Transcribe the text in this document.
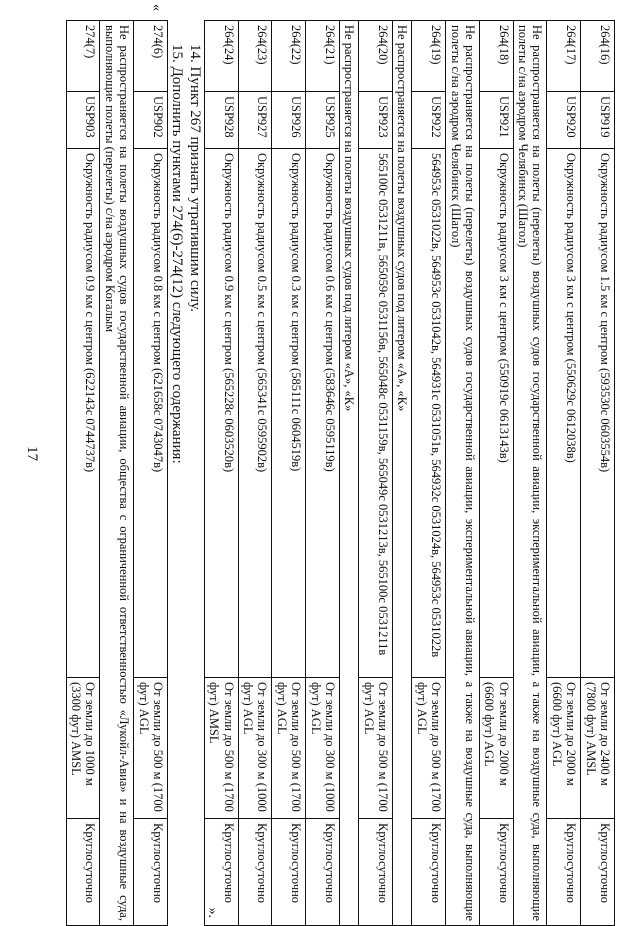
17
264(16)	USP919	Окружность радиусом 1.5 км с центром (593530с 0603554в)	От земли до 2400 м (7800 фут) AMSL	Круглосуточно
264(17)	USP920	Окружность радиусом 3 км с центром (550629с 0612038в)	От земли до 2000 м (6600 фут) AGL	Круглосуточно
Не распространяется на полеты (перелеты) воздушных судов государственной авиации, экспериментальной авиации, а также на воздушные суда, выполняющие полеты с/на аэродром Челябинск (Шагол)				
264(18)	USP921	Окружность радиусом 3 км с центром (550919с 0613143в)	От земли до 2000 м (6600 фут) AGL	Круглосуточно
Не распространяется на полеты (перелеты) воздушных судов государственной авиации, экспериментальной авиации, а также на воздушные суда, выполняющие полеты с/на аэродром Челябинск (Шагол)				
264(19)	USP922	564953с 0531022в, 564953с 0531042в, 564931с 0531051в, 564932с 0531024в, 564953с 0531022в	От земли до 500 м (1700 фут) AGL	Круглосуточно
Не распространяется на полеты воздушных судов под литером «А», «К»				
264(20)	USP923	565100с 0531211в, 565059с 0531156в, 565048с 0531159в, 565049с 0531213в, 565100с 0531211в	От земли до 500 м (1700 фут) AGL	Круглосуточно
Не распространяется на полеты воздушных судов под литером «А», «К»				
264(21)	USP925	Окружность радиусом 0.6 км с центром (583646с 0595119в)	От земли до 300 м (1000 фут) AGL	Круглосуточно
264(22)	USP926	Окружность радиусом 0.3 км с центром (585111с 0604519в)	От земли до 500 м (1700 фут) AGL	Круглосуточно
264(23)	USP927	Окружность радиусом 0.5 км с центром (565341с 0595902в)	От земли до 300 м (1000 фут) AGL	Круглосуточно
264(24)	USP928	Окружность радиусом 0.9 км с центром (565228с 0603520в)	От земли до 500 м (1700 фут) AMSL	Круглосуточно
».
14. Пункт 267 признать утратившим силу.
15. Дополнить пунктами 274(6)-274(12) следующего содержания:
«
274(6)	USP902	Окружность радиусом 0.8 км с центром (621658с 0743047в)	От земли до 500 м (1700 фут) AGL	Круглосуточно
Не распространяется на полеты воздушных судов государственной авиации, общества с ограниченной ответственностью «Лукойл-Авиа» и на воздушные суда, выполняющие полеты (перелеты) с/на аэродром Когалым				
274(7)	USP903	Окружность радиусом 0.9 км с центром (622143с 0744737в)	От земли до 1000 м (3300 фут) AMSL	Круглосуточно
